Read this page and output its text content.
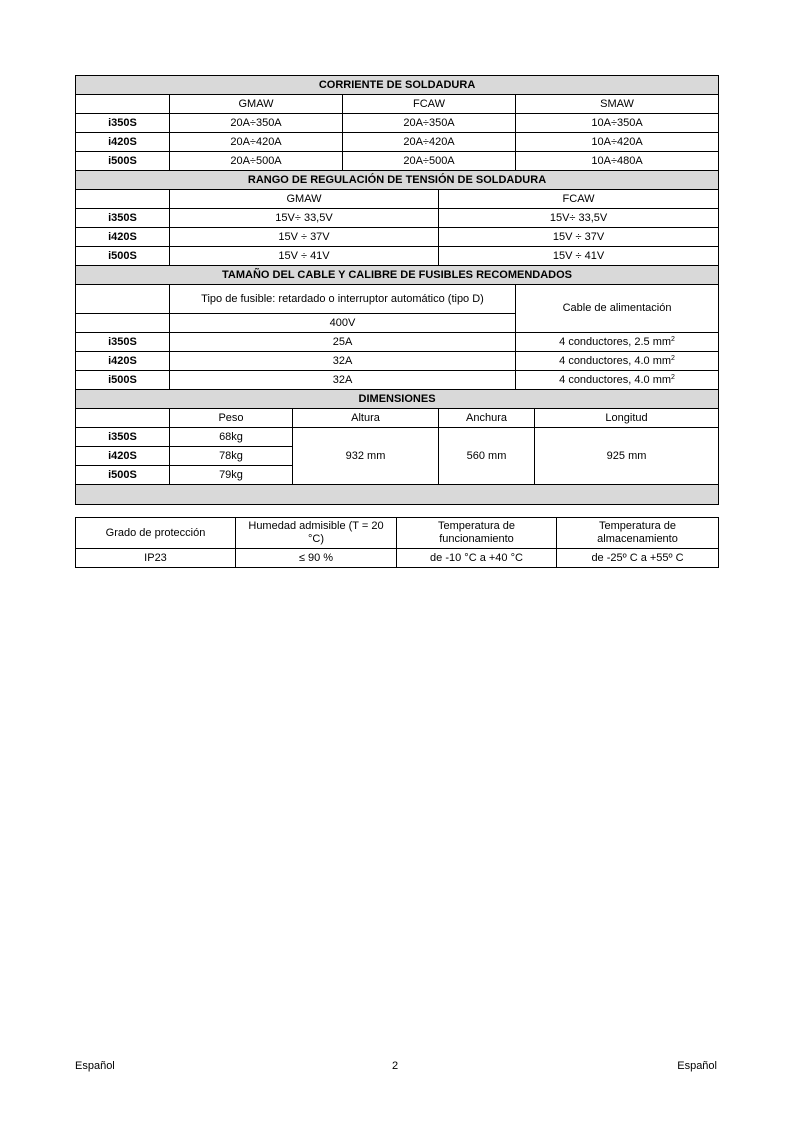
CORRIENTE DE SOLDADURA						
	GMAW		FCAW		SMAW	
i350S	20A÷350A		20A÷350A		10A÷350A	
i420S	20A÷420A		20A÷420A		10A÷420A	
i500S	20A÷500A		20A÷500A		10A÷480A	
RANGO DE REGULACIÓN DE TENSIÓN DE SOLDADURA						
	GMAW			FCAW		
i350S	15V÷ 33,5V			15V÷ 33,5V		
i420S	15V ÷ 37V			15V ÷ 37V		
i500S	15V ÷ 41V			15V ÷ 41V		
TAMAÑO DEL CABLE Y CALIBRE DE FUSIBLES RECOMENDADOS						
	Tipo de fusible: retardado o interruptor automático (tipo D)				Cable de alimentación	
	400V					
i350S	25A				4 conductores, 2.5 $mm^2$
i420S	32A				4 conductores, 4.0 $mm^2$
i500S	32A				4 conductores, 4.0 $mm^2$
DIMENSIONES						
	Peso	Altura		Anchura		Longitud
i350S	68kg	932 mm		560 mm		925 mm
i420S	78kg					
i500S	79kg					

Grado de protección	Humedad admisible (T = 20 °C)	Temperatura de funcionamiento	Temperatura de almacenamiento
IP23	≤ 90 %	de -10 °C a +40 °C	de -25º C a +55º C
Español	2	Español
